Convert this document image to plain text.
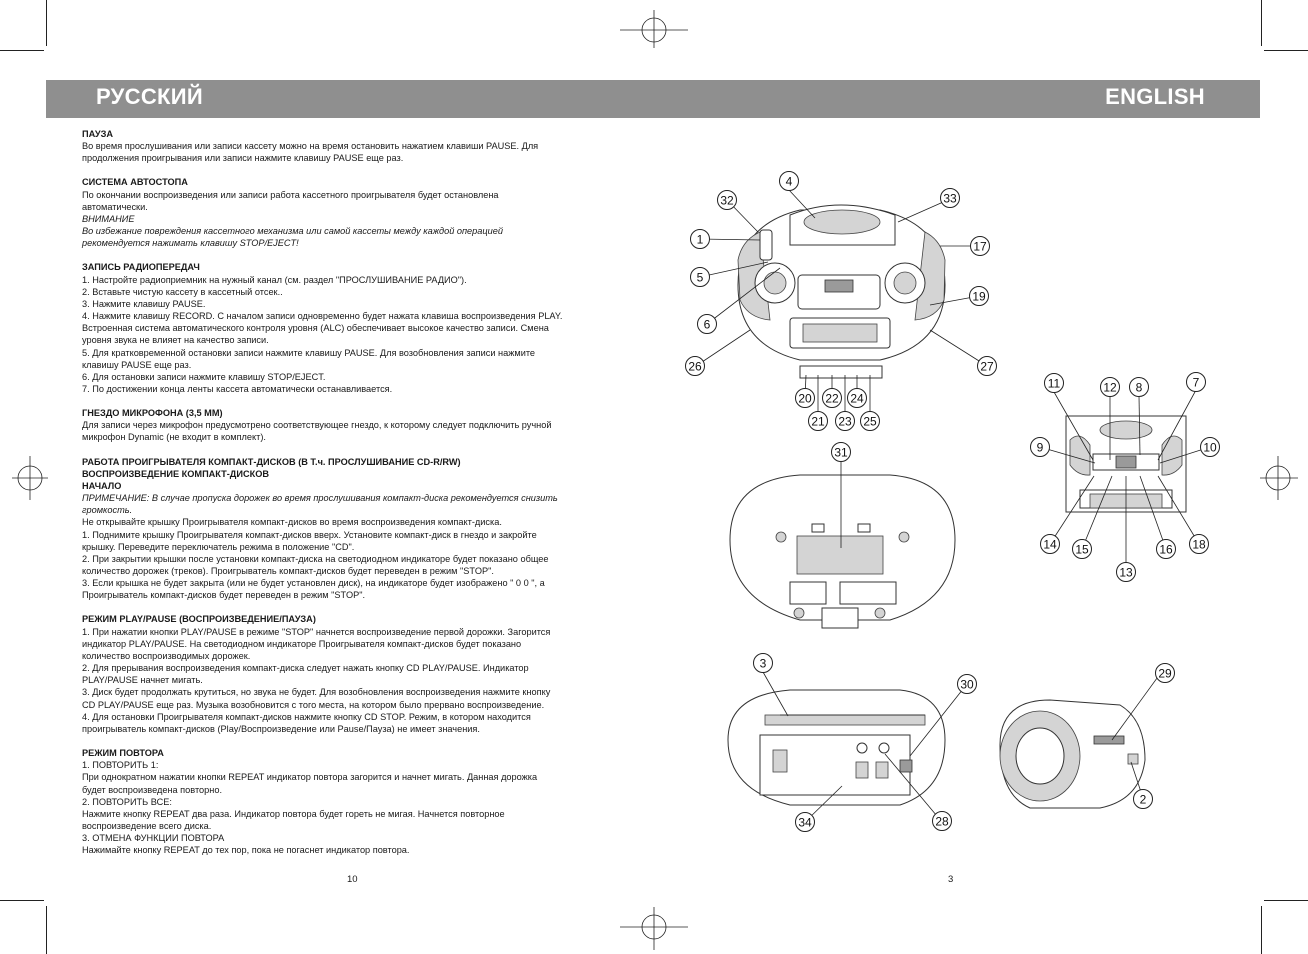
РУССКИЙ	ENGLISH
ПАУЗА

Во время прослушивания или записи кассету можно на время остановить нажатием клавиши PAUSE. Для

продолжения проигрывания или записи нажмите клавишу PAUSE еще раз.

СИСТЕМА АВТОСТОПА

По окончании воспроизведения или записи работа кассетного проигрывателя будет остановлена

автоматически.

ВНИМАНИЕ

Во избежание повреждения кассетного механизма или самой кассеты между каждой операцией

рекомендуется нажимать клавишу STOP/EJECT!

ЗАПИСЬ РАДИОПЕРЕДАЧ

1. Настройте радиоприемник на нужный канал (см. раздел "ПРОСЛУШИВАНИЕ РАДИО").

2. Вставьте чистую кассету в кассетный отсек..

3. Нажмите клавишу PAUSE.

4. Нажмите клавишу RECORD. С началом записи одновременно будет нажата клавиша воспроизведения PLAY.

Встроенная система автоматического контроля уровня (ALC) обеспечивает высокое качество записи. Смена

уровня звука не влияет на качество записи.

5. Для кратковременной остановки записи нажмите клавишу PAUSE. Для возобновления записи нажмите

клавишу PAUSE еще раз.

6. Для остановки записи нажмите клавишу STOP/EJECT.

7. По достижении конца ленты кассета автоматически останавливается.

ГНЕЗДО МИКРОФОНА (3,5 ММ)

Для записи через микрофон предусмотрено соответствующее гнездо, к которому следует подключить ручной

микрофон Dynamic (не входит в комплект).

РАБОТА ПРОИГРЫВАТЕЛЯ КОМПАКТ-ДИСКОВ (В Т.ч. ПРОСЛУШИВАНИЕ CD-R/RW)

ВОСПРОИЗВЕДЕНИЕ КОМПАКТ-ДИСКОВ

НАЧАЛО

ПРИМЕЧАНИЕ: В случае пропуска дорожек во время прослушивания компакт-диска рекомендуется снизить

громкость.

Не открывайте крышку Проигрывателя компакт-дисков во время воспроизведения компакт-диска.

1. Поднимите крышку Проигрывателя компакт-дисков вверх. Установите компакт-диск в гнездо и закройте

крышку. Переведите переключатель режима в положение "CD".

2. При закрытии крышки после установки компакт-диска на светодиодном индикаторе будет показано общее

количество дорожек (треков). Проигрыватель компакт-дисков будет переведен в режим "STOP".

3. Если крышка не будет закрыта (или не будет установлен диск), на индикаторе будет изображено " 0 0 ", а

Проигрыватель компакт-дисков будет переведен в режим "STOP".

РЕЖИМ PLAY/PAUSE (ВОСПРОИЗВЕДЕНИЕ/ПАУЗА)

1. При нажатии кнопки PLAY/PAUSE в режиме "STOP" начнется воспроизведение первой дорожки. Загорится

индикатор PLAY/PAUSE. На светодиодном индикаторе Проигрывателя компакт-дисков будет показано

количество воспроизводимых дорожек.

2. Для прерывания воспроизведения компакт-диска следует нажать кнопку CD PLAY/PAUSE. Индикатор

PLAY/PAUSE начнет мигать.

3. Диск будет продолжать крутиться, но звука не будет. Для возобновления воспроизведения нажмите кнопку

CD PLAY/PAUSE еще раз. Музыка возобновится с того места, на котором было прервано воспроизведение.

4. Для остановки Проигрывателя компакт-дисков нажмите кнопку CD STOP. Режим, в котором находится

проигрыватель компакт-дисков (Play/Воспроизведение или Pause/Пауза) не имеет значения.

РЕЖИМ ПОВТОРА

1. ПОВТОРИТЬ 1:

При однократном нажатии кнопки REPEAT индикатор повтора загорится и начнет мигать. Данная дорожка

будет воспроизведена повторно.

2. ПОВТОРИТЬ ВСЕ:

Нажмите кнопку REPEAT два раза. Индикатор повтора будет гореть не мигая. Начнется повторное

воспроизведение всего диска.

3. ОТМЕНА ФУНКЦИИ ПОВТОРА

Нажимайте кнопку REPEAT до тех пор, пока не погаснет индикатор повтора.

10	3
1
2
3
4
5
6
7
8
9	10
11	12
13
14 15	16
17
18
19
20
21
22
23
24
25
26	27
28
29
30
31
32	33
34
